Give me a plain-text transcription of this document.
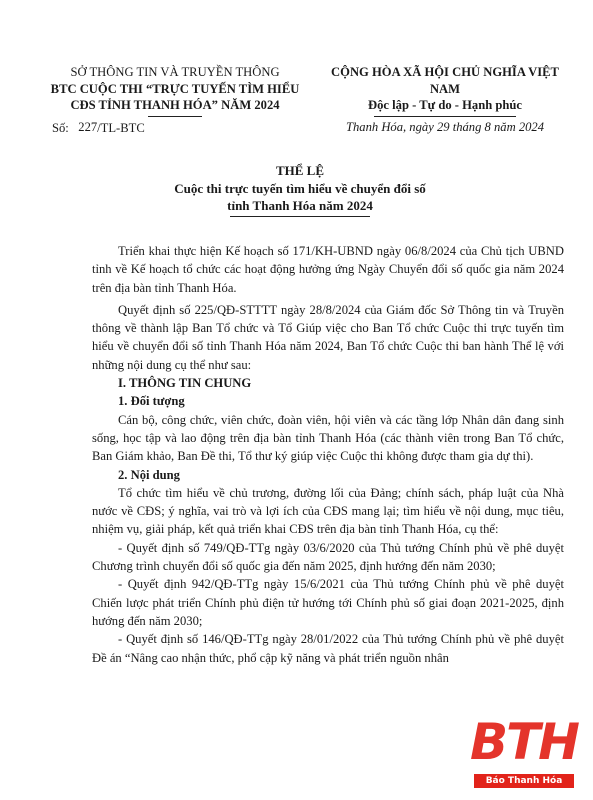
SỞ THÔNG TIN VÀ TRUYỀN THÔNG
BTC CUỘC THI “TRỰC TUYẾN TÌM HIỂU
CĐS TỈNH THANH HÓA” NĂM 2024
CỘNG HÒA XÃ HỘI CHỦ NGHĨA VIỆT NAM
Độc lập - Tự do - Hạnh phúc
Số: 227/TL-BTC	Thanh Hóa, ngày 29 tháng 8 năm 2024
THỂ LỆ
Cuộc thi trực tuyến tìm hiểu về chuyển đổi số
tỉnh Thanh Hóa năm 2024

Triển khai thực hiện Kế hoạch số 171/KH-UBND ngày 06/8/2024 của Chủ tịch UBND tỉnh về Kế hoạch tổ chức các hoạt động hưởng ứng Ngày Chuyển đổi số quốc gia năm 2024 trên địa bàn tỉnh Thanh Hóa.

Quyết định số 225/QĐ-STTTT ngày 28/8/2024 của Giám đốc Sở Thông tin và Truyền thông về thành lập Ban Tổ chức và Tổ Giúp việc cho Ban Tổ chức Cuộc thi trực tuyến tìm hiểu về chuyển đổi số tỉnh Thanh Hóa năm 2024, Ban Tổ chức Cuộc thi ban hành Thể lệ với những nội dung cụ thể như sau:

I. THÔNG TIN CHUNG

1. Đối tượng

Cán bộ, công chức, viên chức, đoàn viên, hội viên và các tầng lớp Nhân dân đang sinh sống, học tập và lao động trên địa bàn tỉnh Thanh Hóa (các thành viên trong Ban Tổ chức, Ban Giám khảo, Ban Đề thi, Tổ thư ký giúp việc Cuộc thi không được tham gia dự thi).

2. Nội dung

Tổ chức tìm hiểu về chủ trương, đường lối của Đảng; chính sách, pháp luật của Nhà nước về CĐS; ý nghĩa, vai trò và lợi ích của CĐS mang lại; tìm hiểu về nội dung, mục tiêu, nhiệm vụ, giải pháp, kết quả triển khai CĐS trên địa bàn tỉnh Thanh Hóa, cụ thể:

- Quyết định số 749/QĐ-TTg ngày 03/6/2020 của Thủ tướng Chính phủ về phê duyệt Chương trình chuyển đổi số quốc gia đến năm 2025, định hướng đến năm 2030;

- Quyết định 942/QĐ-TTg ngày 15/6/2021 của Thủ tướng Chính phủ về phê duyệt Chiến lược phát triển Chính phủ điện tử hướng tới Chính phủ số giai đoạn 2021-2025, định hướng đến năm 2030;

- Quyết định số 146/QĐ-TTg ngày 28/01/2022 của Thủ tướng Chính phủ về phê duyệt Đề án “Nâng cao nhận thức, phổ cập kỹ năng và phát triển nguồn nhân

BTH
Báo Thanh Hóa
